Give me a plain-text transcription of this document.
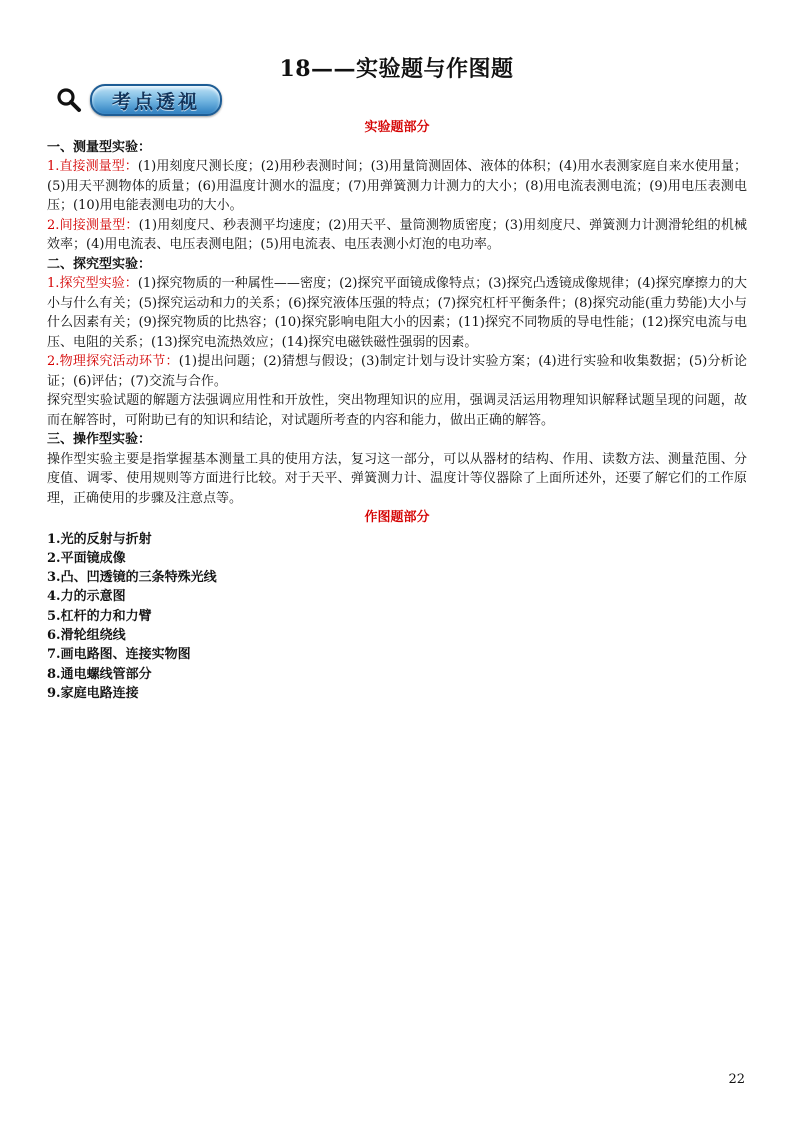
18——实验题与作图题
考点透视
实验题部分
一、测量型实验：

1.直接测量型：(1)用刻度尺测长度；(2)用秒表测时间；(3)用量筒测固体、液体的体积；(4)用水表测家庭自来水使用量；(5)用天平测物体的质量；(6)用温度计测水的温度；(7)用弹簧测力计测力的大小；(8)用电流表测电流；(9)用电压表测电压；(10)用电能表测电功的大小。

2.间接测量型：(1)用刻度尺、秒表测平均速度；(2)用天平、量筒测物质密度；(3)用刻度尺、弹簧测力计测滑轮组的机械效率；(4)用电流表、电压表测电阻；(5)用电流表、电压表测小灯泡的电功率。

二、探究型实验：

1.探究型实验：(1)探究物质的一种属性——密度；(2)探究平面镜成像特点；(3)探究凸透镜成像规律；(4)探究摩擦力的大小与什么有关；(5)探究运动和力的关系；(6)探究液体压强的特点；(7)探究杠杆平衡条件；(8)探究动能(重力势能)大小与什么因素有关；(9)探究物质的比热容；(10)探究影响电阻大小的因素；(11)探究不同物质的导电性能；(12)探究电流与电压、电阻的关系；(13)探究电流热效应；(14)探究电磁铁磁性强弱的因素。

2.物理探究活动环节：(1)提出问题；(2)猜想与假设；(3)制定计划与设计实验方案；(4)进行实验和收集数据；(5)分析论证；(6)评估；(7)交流与合作。

探究型实验试题的解题方法强调应用性和开放性，突出物理知识的应用，强调灵活运用物理知识解释试题呈现的问题，故而在解答时，可附助已有的知识和结论，对试题所考查的内容和能力，做出正确的解答。

三、操作型实验：

操作型实验主要是指掌握基本测量工具的使用方法，复习这一部分，可以从器材的结构、作用、读数方法、测量范围、分度值、调零、使用规则等方面进行比较。对于天平、弹簧测力计、温度计等仪器除了上面所述外，还要了解它们的工作原理，正确使用的步骤及注意点等。

作图题部分
1.光的反射与折射
2.平面镜成像
3.凸、凹透镜的三条特殊光线
4.力的示意图
5.杠杆的力和力臂
6.滑轮组绕线
7.画电路图、连接实物图
8.通电螺线管部分
9.家庭电路连接
22
